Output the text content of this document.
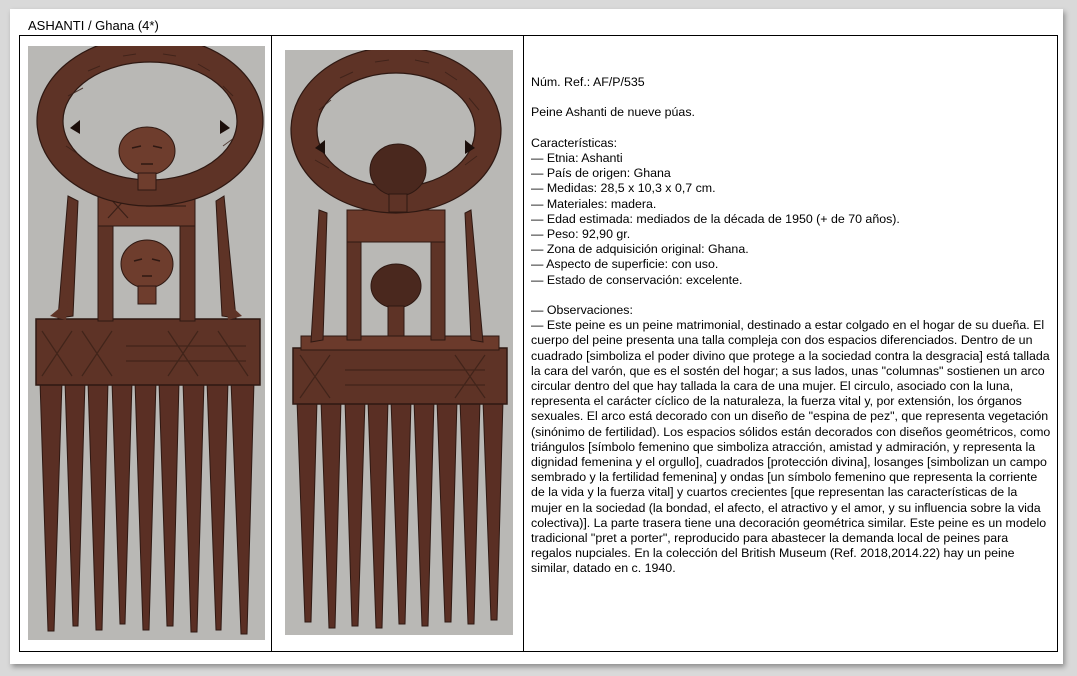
ASHANTI / Ghana (4*)

Núm. Ref.: AF/P/535

Peine Ashanti de nueve púas.

Características:
— Etnia: Ashanti
— País de origen: Ghana
— Medidas: 28,5 x 10,3 x 0,7 cm.
— Materiales: madera.
— Edad estimada: mediados de la década de 1950 (+ de 70 años).
— Peso: 92,90 gr.
— Zona de adquisición original: Ghana.
— Aspecto de superficie: con uso.
— Estado de conservación: excelente.
— Observaciones:
— Este peine es un peine matrimonial, destinado a estar colgado en el hogar de su dueña. El cuerpo del peine presenta una talla compleja con dos espacios diferenciados. Dentro de un cuadrado [simboliza el poder divino que protege a la sociedad contra la desgracia] está tallada la cara del varón, que es el sostén del hogar; a sus lados, unas "columnas" sostienen un arco circular dentro del que hay tallada la cara de una mujer. El circulo, asociado con la luna, representa el carácter cíclico de la naturaleza, la fuerza vital y, por extensión, los órganos sexuales. El arco está decorado con un diseño de "espina de pez", que representa vegetación (sinónimo de fertilidad). Los espacios sólidos están decorados con diseños geométricos, como triángulos [símbolo femenino que simboliza atracción, amistad y admiración, y representa la dignidad femenina y el orgullo], cuadrados [protección divina], losanges [simbolizan un campo sembrado y la fertilidad femenina] y ondas [un símbolo femenino que representa la corriente de la vida y la fuerza vital] y cuartos crecientes [que representan las características de la mujer en la sociedad (la bondad, el afecto, el atractivo y el amor, y su influencia sobre la vida colectiva)]. La parte trasera tiene una decoración geométrica similar. Este peine es un modelo tradicional "pret a porter", reproducido para abastecer la demanda local de peines para regalos nupciales. En la colección del British Museum (Ref. 2018,2014.22) hay un peine similar, datado en c. 1940.
